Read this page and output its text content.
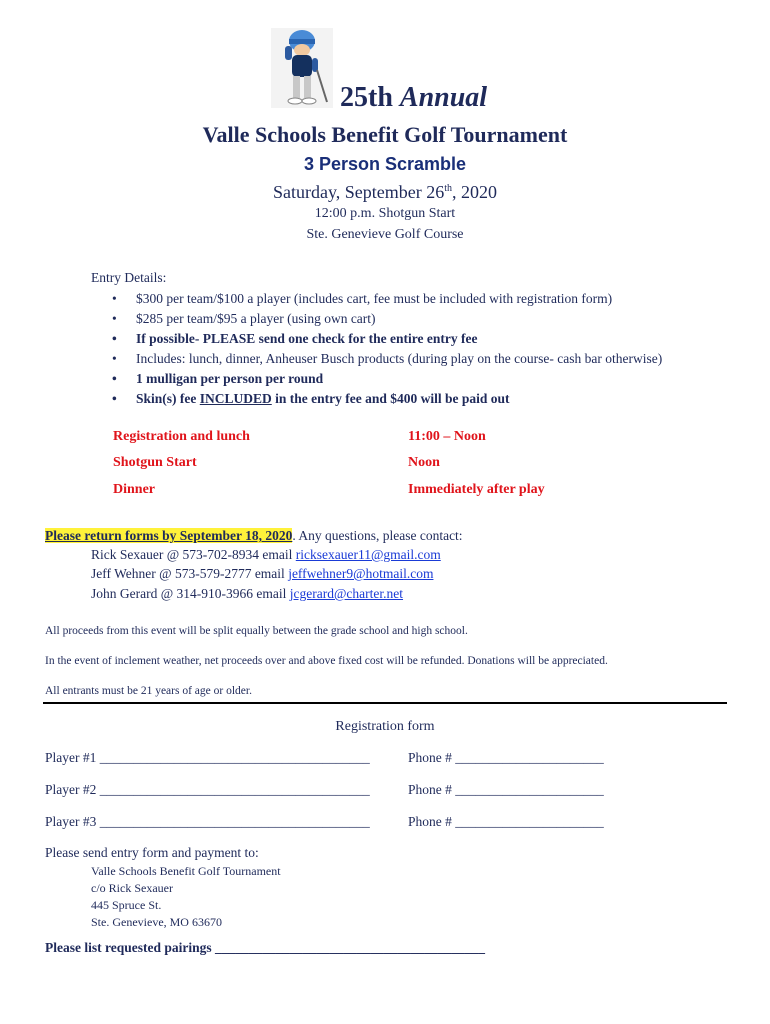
25th Annual
Valle Schools Benefit Golf Tournament
3 Person Scramble
Saturday, September 26th, 2020
12:00 p.m. Shotgun Start
Ste. Genevieve Golf Course
Entry Details:
• $300 per team/$100 a player (includes cart, fee must be included with registration form)
• $285 per team/$95 a player (using own cart)
• If possible- PLEASE send one check for the entire entry fee
• Includes: lunch, dinner, Anheuser Busch products (during play on the course- cash bar otherwise)
• 1 mulligan per person per round
• Skin(s) fee INCLUDED in the entry fee and $400 will be paid out
Registration and lunch	11:00 – Noon
Shotgun Start	Noon
Dinner	Immediately after play
Please return forms by September 18, 2020. Any questions, please contact:
Rick Sexauer @ 573-702-8934 email ricksexauer11@gmail.com
Jeff Wehner @ 573-579-2777 email jeffwehner9@hotmail.com
John Gerard @ 314-910-3966 email jcgerard@charter.net
All proceeds from this event will be split equally between the grade school and high school.
In the event of inclement weather, net proceeds over and above fixed cost will be refunded. Donations will be appreciated.
All entrants must be 21 years of age or older.
Registration form
Player #1 ________________________________________	Phone # ______________________
Player #2 ________________________________________	Phone # ______________________
Player #3 ________________________________________	Phone # ______________________
Please send entry form and payment to:
Valle Schools Benefit Golf Tournament
c/o Rick Sexauer
445 Spruce St.
Ste. Genevieve, MO 63670
Please list requested pairings ________________________________________
